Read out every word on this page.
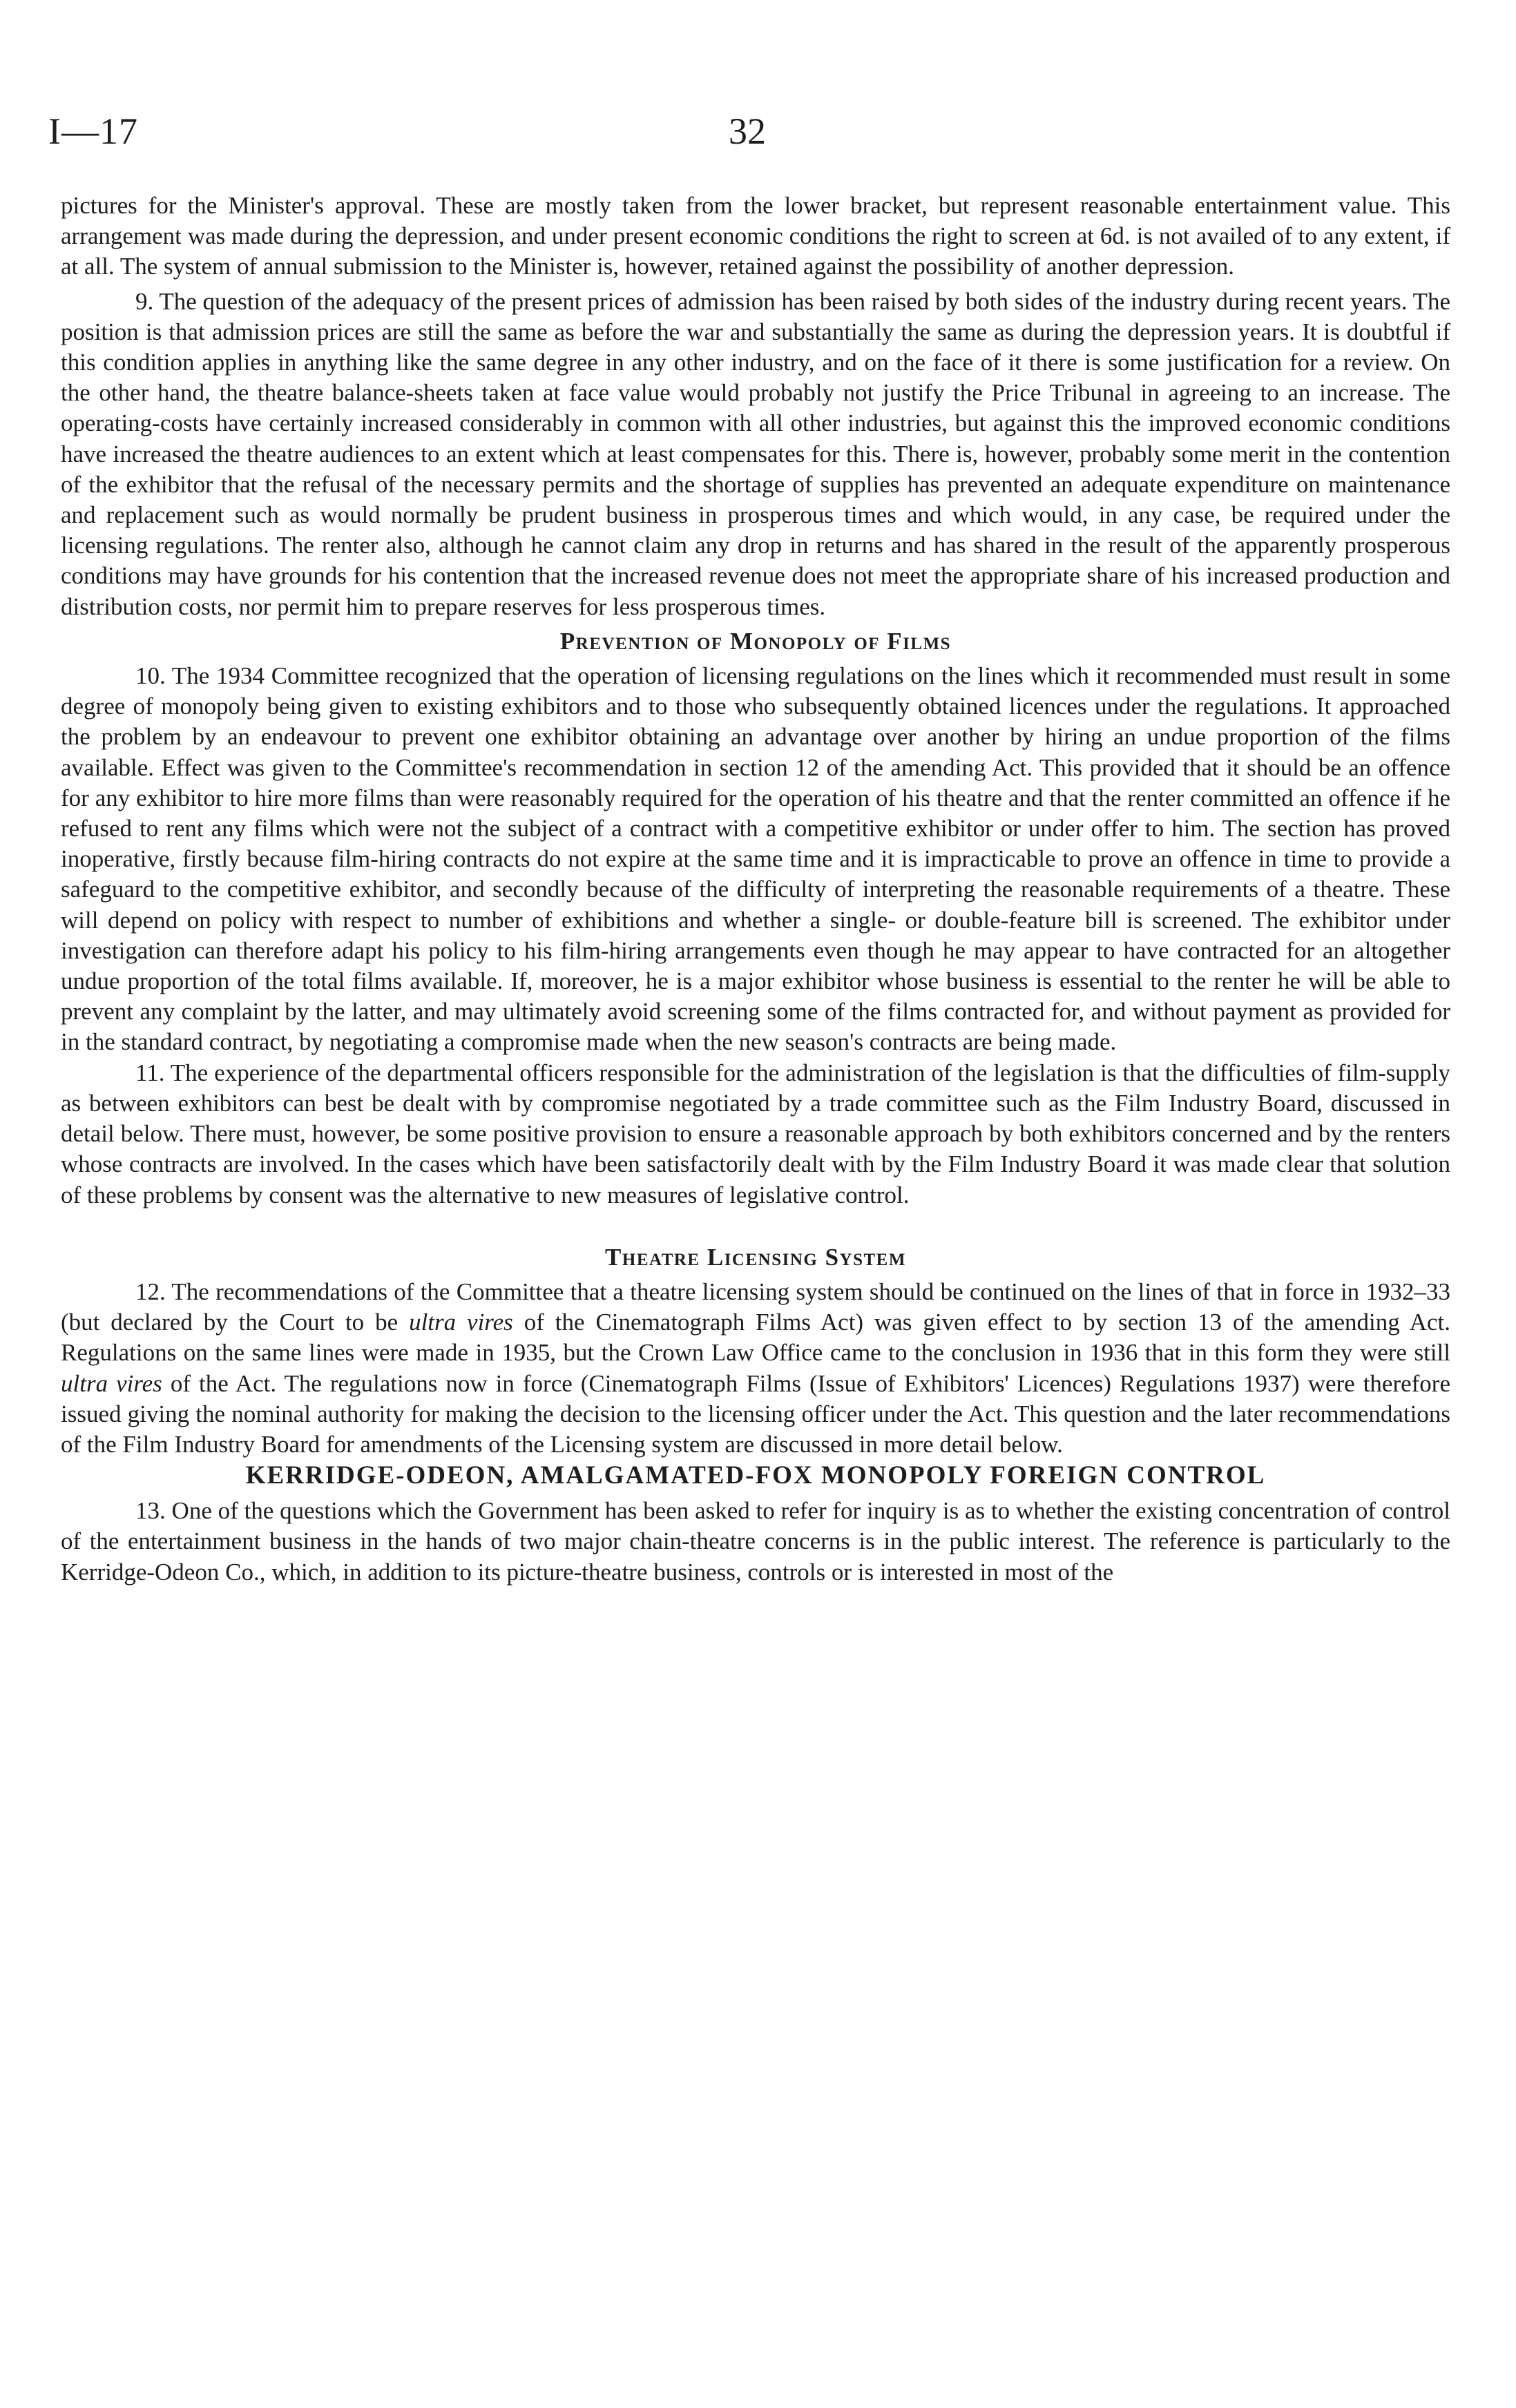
I—17	32

pictures for the Minister's approval. These are mostly taken from the lower bracket, but represent reasonable entertainment value. This arrangement was made during the depression, and under present economic conditions the right to screen at 6d. is not availed of to any extent, if at all. The system of annual submission to the Minister is, however, retained against the possibility of another depression.

9. The question of the adequacy of the present prices of admission has been raised by both sides of the industry during recent years. The position is that admission prices are still the same as before the war and substantially the same as during the depression years. It is doubtful if this condition applies in anything like the same degree in any other industry, and on the face of it there is some justification for a review. On the other hand, the theatre balance-sheets taken at face value would probably not justify the Price Tribunal in agreeing to an increase. The operating-costs have certainly increased considerably in common with all other industries, but against this the improved economic conditions have increased the theatre audiences to an extent which at least compensates for this. There is, however, probably some merit in the contention of the exhibitor that the refusal of the necessary permits and the shortage of supplies has prevented an adequate expenditure on maintenance and replacement such as would normally be prudent business in prosperous times and which would, in any case, be required under the licensing regulations. The renter also, although he cannot claim any drop in returns and has shared in the result of the apparently prosperous conditions may have grounds for his contention that the increased revenue does not meet the appropriate share of his increased production and distribution costs, nor permit him to prepare reserves for less prosperous times.

Prevention of Monopoly of Films

10. The 1934 Committee recognized that the operation of licensing regulations on the lines which it recommended must result in some degree of monopoly being given to existing exhibitors and to those who subsequently obtained licences under the regulations. It approached the problem by an endeavour to prevent one exhibitor obtaining an advantage over another by hiring an undue proportion of the films available. Effect was given to the Committee's recommendation in section 12 of the amending Act. This provided that it should be an offence for any exhibitor to hire more films than were reasonably required for the operation of his theatre and that the renter committed an offence if he refused to rent any films which were not the subject of a contract with a competitive exhibitor or under offer to him. The section has proved inoperative, firstly because film-hiring contracts do not expire at the same time and it is impracticable to prove an offence in time to provide a safeguard to the competitive exhibitor, and secondly because of the difficulty of interpreting the reasonable requirements of a theatre. These will depend on policy with respect to number of exhibitions and whether a single- or double-feature bill is screened. The exhibitor under investigation can therefore adapt his policy to his film-hiring arrangements even though he may appear to have contracted for an altogether undue proportion of the total films available. If, moreover, he is a major exhibitor whose business is essential to the renter he will be able to prevent any complaint by the latter, and may ultimately avoid screening some of the films contracted for, and without payment as provided for in the standard contract, by negotiating a compromise made when the new season's contracts are being made.

11. The experience of the departmental officers responsible for the administration of the legislation is that the difficulties of film-supply as between exhibitors can best be dealt with by compromise negotiated by a trade committee such as the Film Industry Board, discussed in detail below. There must, however, be some positive provision to ensure a reasonable approach by both exhibitors concerned and by the renters whose contracts are involved. In the cases which have been satisfactorily dealt with by the Film Industry Board it was made clear that solution of these problems by consent was the alternative to new measures of legislative control.

Theatre Licensing System

12. The recommendations of the Committee that a theatre licensing system should be continued on the lines of that in force in 1932–33 (but declared by the Court to be ultra vires of the Cinematograph Films Act) was given effect to by section 13 of the amending Act. Regulations on the same lines were made in 1935, but the Crown Law Office came to the conclusion in 1936 that in this form they were still ultra vires of the Act. The regulations now in force (Cinematograph Films (Issue of Exhibitors' Licences) Regulations 1937) were therefore issued giving the nominal authority for making the decision to the licensing officer under the Act. This question and the later recommendations of the Film Industry Board for amendments of the Licensing system are discussed in more detail below.

KERRIDGE-ODEON, AMALGAMATED-FOX MONOPOLY FOREIGN CONTROL

13. One of the questions which the Government has been asked to refer for inquiry is as to whether the existing concentration of control of the entertainment business in the hands of two major chain-theatre concerns is in the public interest. The reference is particularly to the Kerridge-Odeon Co., which, in addition to its picture-theatre business, controls or is interested in most of the
